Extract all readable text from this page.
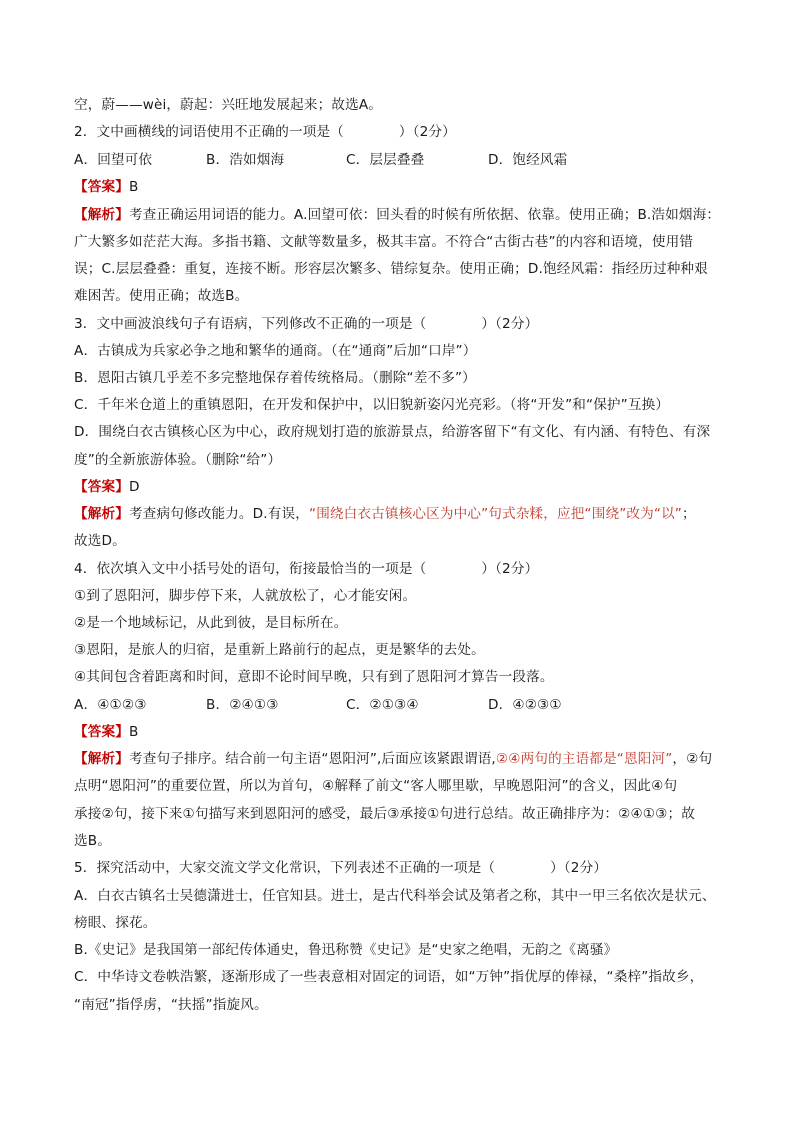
空，蔚——wèi，蔚起：兴旺地发展起来；故选A。
2．文中画横线的词语使用不正确的一项是（　　　　）（2分）
A．回望可依	B．浩如烟海	C．层层叠叠	D．饱经风霜
【答案】B
【解析】考查正确运用词语的能力。A.回望可依：回头看的时候有所依据、依靠。使用正确；B.浩如烟海：
广大繁多如茫茫大海。多指书籍、文献等数量多，极其丰富。不符合“古街古巷”的内容和语境，使用错
误；C.层层叠叠：重复，连接不断。形容层次繁多、错综复杂。使用正确；D.饱经风霜：指经历过种种艰
难困苦。使用正确；故选B。
3．文中画波浪线句子有语病，下列修改不正确的一项是（　　　　）（2分）
A．古镇成为兵家必争之地和繁华的通商。（在“通商”后加“口岸”）
B．恩阳古镇几乎差不多完整地保存着传统格局。（删除“差不多”）
C．千年米仓道上的重镇恩阳，在开发和保护中，以旧貌新姿闪光亮彩。（将“开发”和“保护”互换）
D．围绕白衣古镇核心区为中心，政府规划打造的旅游景点，给游客留下“有文化、有内涵、有特色、有深
度”的全新旅游体验。（删除“给”）
【答案】D
【解析】考查病句修改能力。D.有误，“围绕白衣古镇核心区为中心”句式杂糅，应把“围绕”改为“以”；
故选D。
4．依次填入文中小括号处的语句，衔接最恰当的一项是（　　　　）（2分）
①到了恩阳河，脚步停下来，人就放松了，心才能安闲。
②是一个地域标记，从此到彼，是目标所在。
③恩阳，是旅人的归宿，是重新上路前行的起点，更是繁华的去处。
④其间包含着距离和时间，意即不论时间早晚，只有到了恩阳河才算告一段落。
A．④①②③	B．②④①③	C．②①③④	D．④②③①
【答案】B
【解析】考查句子排序。结合前一句主语“恩阳河”,后面应该紧跟谓语,②④两句的主语都是“恩阳河”，②句
点明“恩阳河”的重要位置，所以为首句，④解释了前文“客人哪里歇，早晚恩阳河”的含义，因此④句
承接②句，接下来①句描写来到恩阳河的感受，最后③承接①句进行总结。故正确排序为：②④①③；故
选B。
5．探究活动中，大家交流文学文化常识，下列表述不正确的一项是（　　　　）（2分）
A．白衣古镇名士吴德潇进士，任官知县。进士，是古代科举会试及第者之称，其中一甲三名依次是状元、
榜眼、探花。
B.《史记》是我国第一部纪传体通史，鲁迅称赞《史记》是“史家之绝唱，无韵之《离骚》
C．中华诗文卷帙浩繁，逐渐形成了一些表意相对固定的词语，如“万钟”指优厚的俸禄，“桑梓”指故乡，
“南冠”指俘虏，“扶摇”指旋风。
